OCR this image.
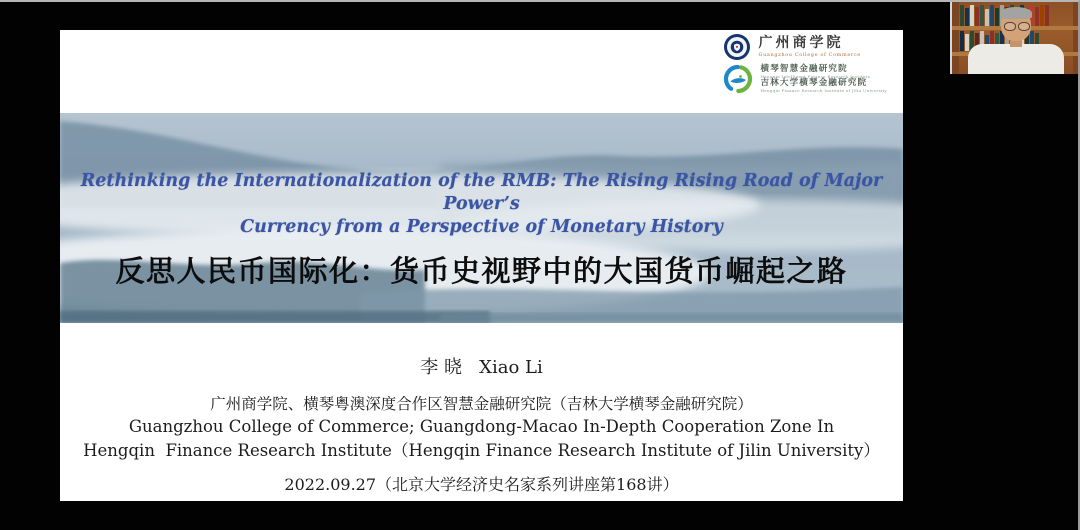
广州商学院
Guangzhou College of Commerce
横琴智慧金融研究院
Hengqin Intelligent Finance Research Institute
吉林大学横琴金融研究院
Hengqin Finance Research Institute of Jilin University
Rethinking the Internationalization of the RMB: The Rising Rising Road of Major Power’s
Currency from a Perspective of Monetary History
反思人民币国际化：货币史视野中的大国货币崛起之路
李 晓   Xiao Li
广州商学院、横琴粤澳深度合作区智慧金融研究院（吉林大学横琴金融研究院）
Guangzhou College of Commerce; Guangdong-Macao In-Depth Cooperation Zone In
Hengqin  Finance Research Institute（Hengqin Finance Research Institute of Jilin University）
2022.09.27（北京大学经济史名家系列讲座第168讲）
